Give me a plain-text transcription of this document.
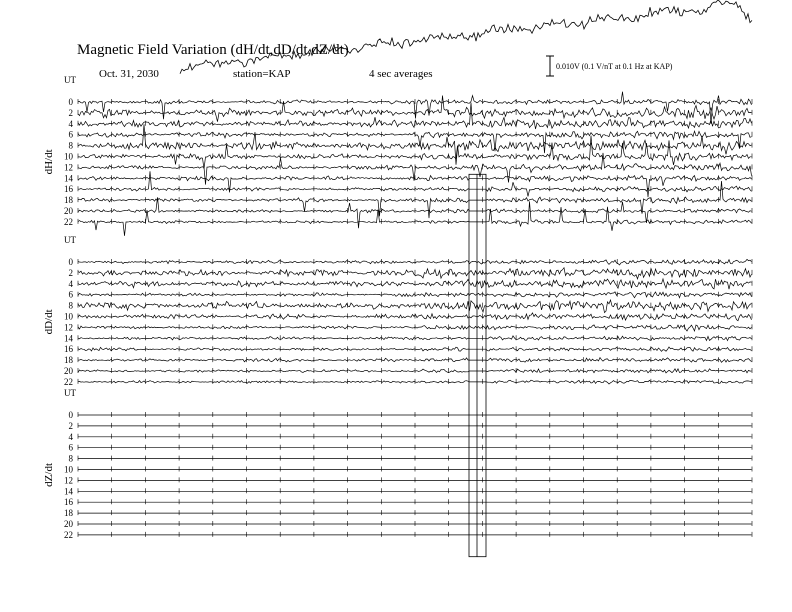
Magnetic Field Variation (dH/dt,dD/dt,dZ/dt)
Oct. 31, 2030	station=KAP	4 sec averages
0.010V (0.1 V/nT at 0.1 Hz at KAP)
UT
dH/dt
0
2
4
6
8
10
12
14
16
18
20
22
UT
dD/dt
0
2
4
6
8
10
12
14
16
18
20
22
UT
dZ/dt
0
2
4
6
8
10
12
14
16
18
20
22
